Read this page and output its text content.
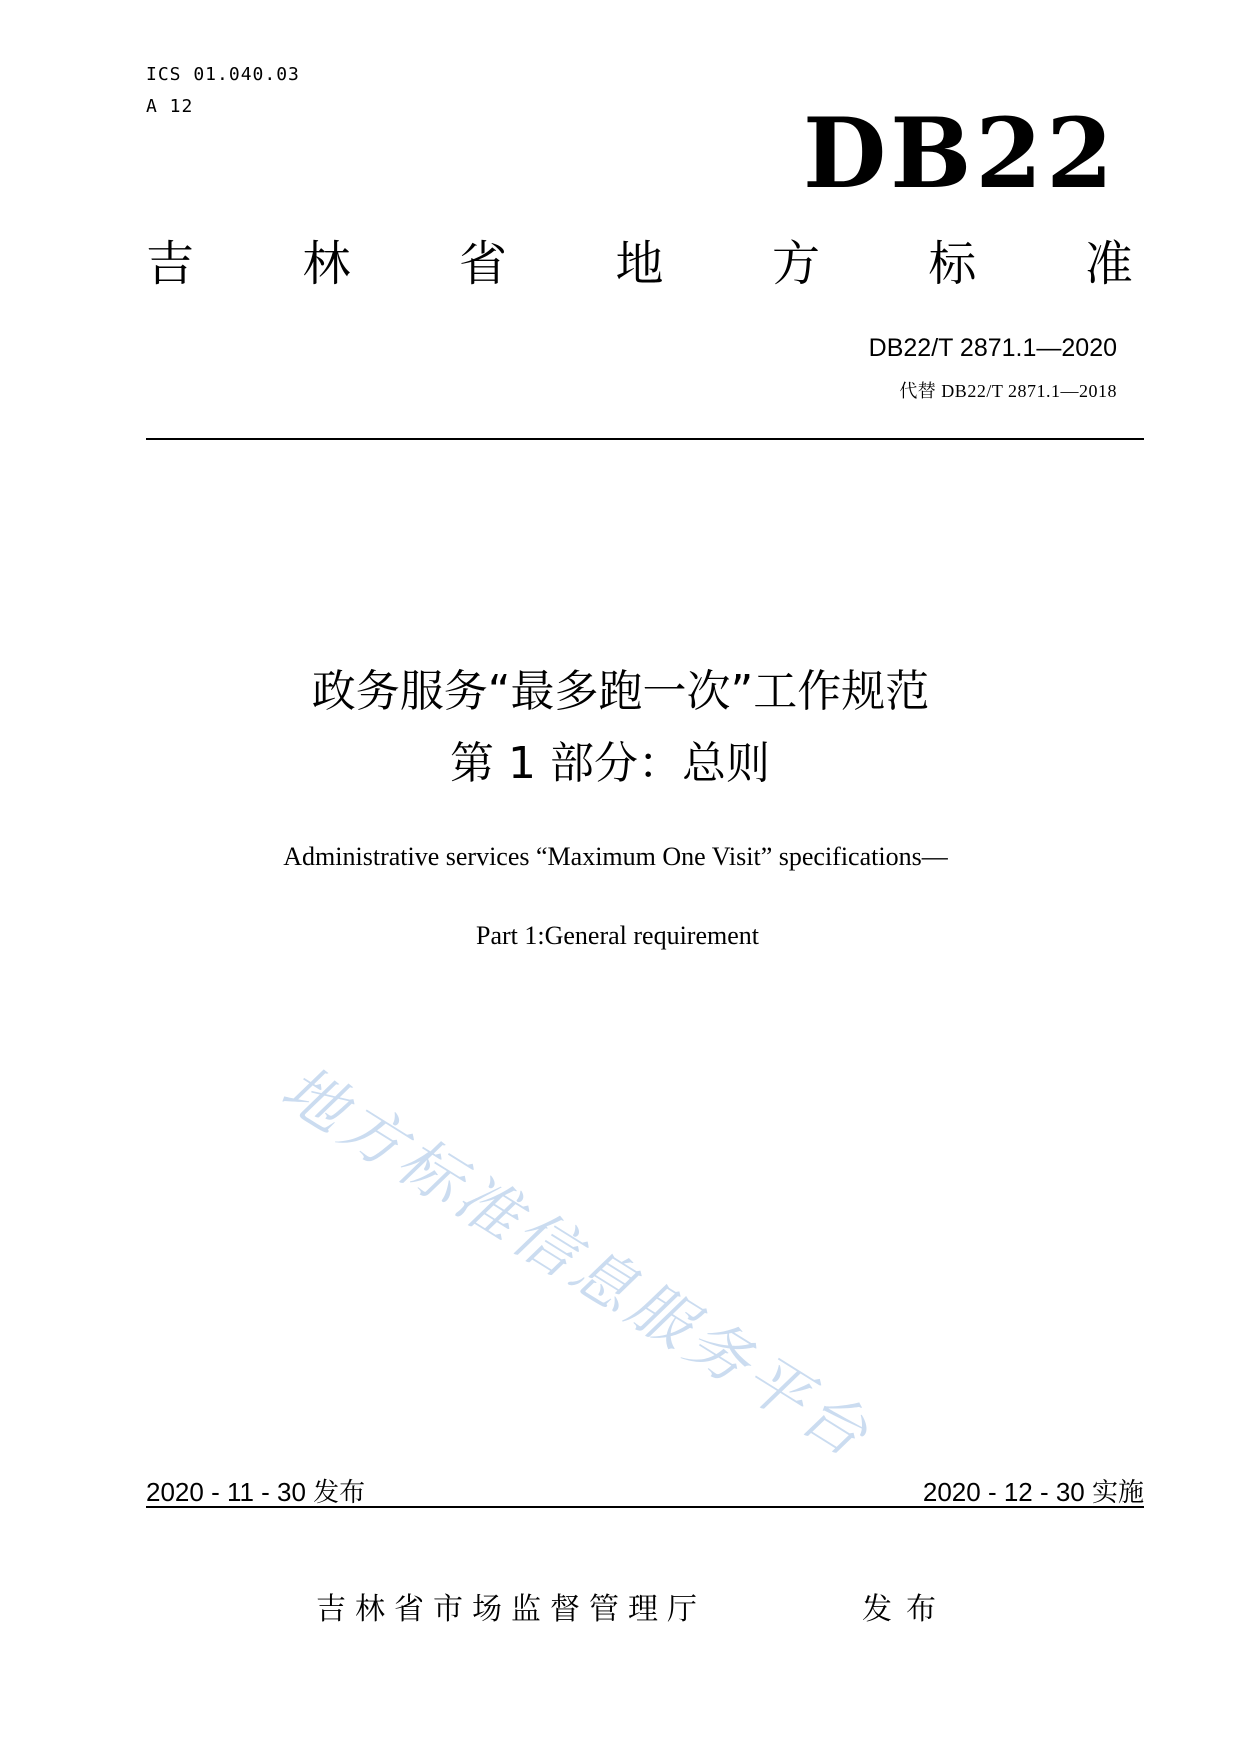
ICS 01.040.03
A 12	DB22
吉 林 省 地 方 标 准
DB22/T 2871.1—2020
代替 DB22/T 2871.1—2018
政务服务“最多跑一次”工作规范
第 1 部分：总则
Administrative services “Maximum One Visit” specifications—
Part 1:General requirement
地方标准信息服务平台
2020 - 11 - 30 发布	2020 - 12 - 30 实施
吉林省市场监督管理厅	发布
